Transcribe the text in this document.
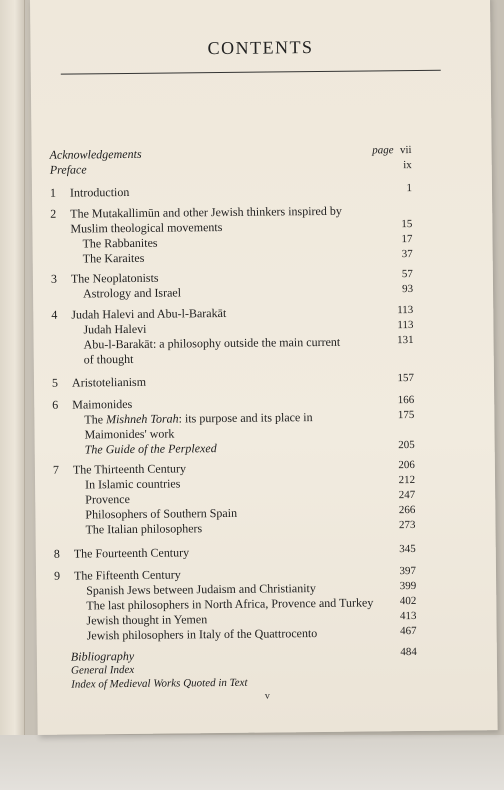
CONTENTS
Acknowledgements	page vii
Preface	ix
1 Introduction	1
2 The Mutakallimūn and other Jewish thinkers inspired by
Muslim theological movements	15
The Rabbanites	17
The Karaites	37
3 The Neoplatonists	57
Astrology and Israel	93
4 Judah Halevi and Abu-l-Barakāt	113
Judah Halevi	113
Abu-l-Barakāt: a philosophy outside the main current	131
of thought
5 Aristotelianism	157
6 Maimonides	166
The Mishneh Torah: its purpose and its place in	175
Maimonides' work
The Guide of the Perplexed	205
7 The Thirteenth Century	206
In Islamic countries	212
Provence	247
Philosophers of Southern Spain	266
The Italian philosophers	273
8 The Fourteenth Century	345
9 The Fifteenth Century	397
Spanish Jews between Judaism and Christianity	399
The last philosophers in North Africa, Provence and Turkey 402
Jewish thought in Yemen	413
Jewish philosophers in Italy of the Quattrocento	467
Bibliography	484
General Index
Index of Medieval Works Quoted in Text
v
